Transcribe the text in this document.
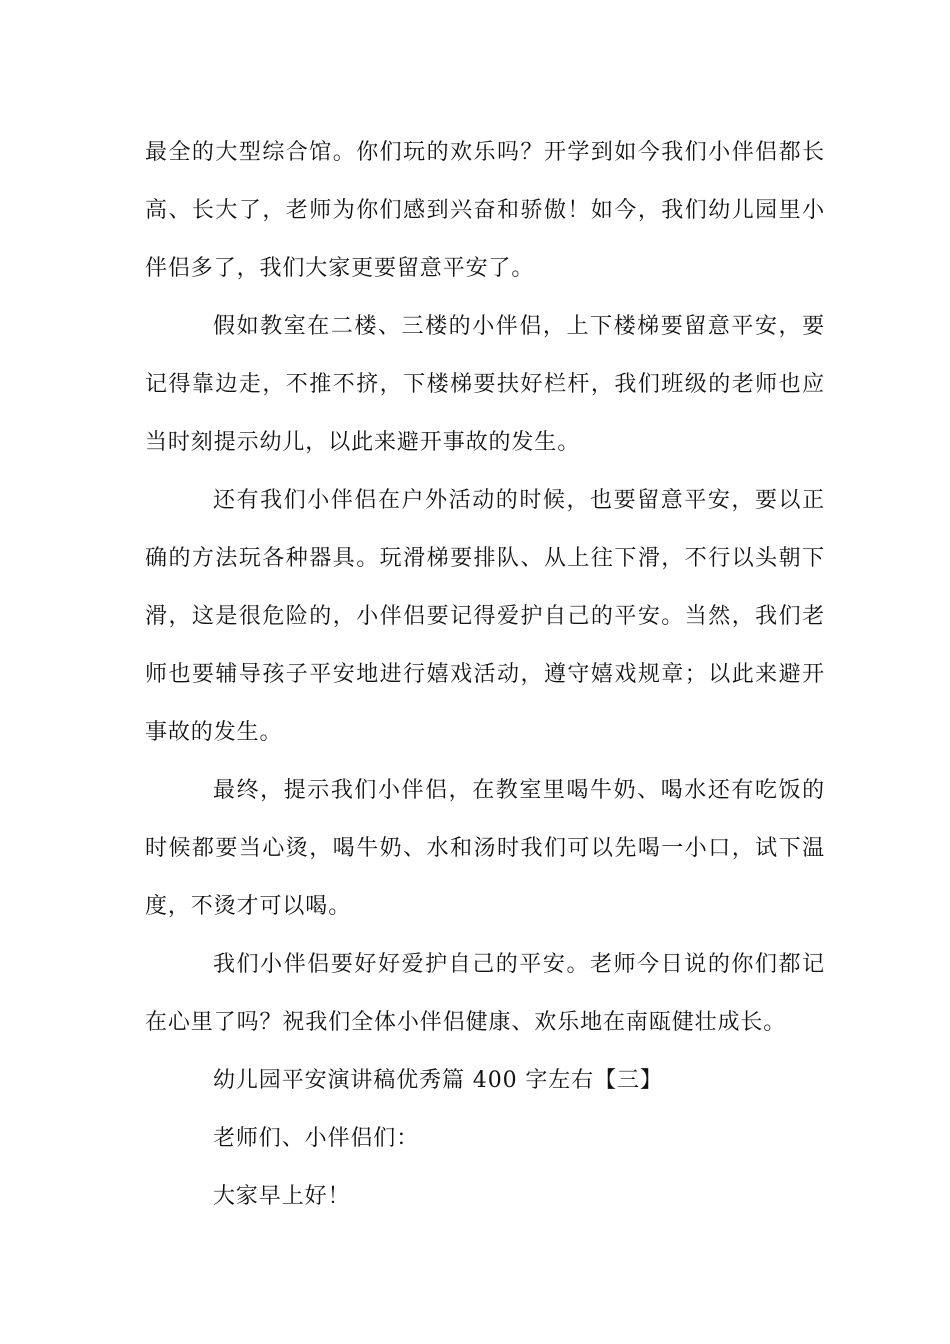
最全的大型综合馆。你们玩的欢乐吗？开学到如今我们小伴侣都长
高、长大了，老师为你们感到兴奋和骄傲！如今，我们幼儿园里小
伴侣多了，我们大家更要留意平安了。
假如教室在二楼、三楼的小伴侣，上下楼梯要留意平安，要
记得靠边走，不推不挤，下楼梯要扶好栏杆，我们班级的老师也应
当时刻提示幼儿，以此来避开事故的发生。
还有我们小伴侣在户外活动的时候，也要留意平安，要以正
确的方法玩各种器具。玩滑梯要排队、从上往下滑，不行以头朝下
滑，这是很危险的，小伴侣要记得爱护自己的平安。当然，我们老
师也要辅导孩子平安地进行嬉戏活动，遵守嬉戏规章；以此来避开
事故的发生。
最终，提示我们小伴侣，在教室里喝牛奶、喝水还有吃饭的
时候都要当心烫，喝牛奶、水和汤时我们可以先喝一小口，试下温
度，不烫才可以喝。
我们小伴侣要好好爱护自己的平安。老师今日说的你们都记
在心里了吗？祝我们全体小伴侣健康、欢乐地在南瓯健壮成长。
幼儿园平安演讲稿优秀篇 400 字左右【三】
老师们、小伴侣们：
大家早上好！
